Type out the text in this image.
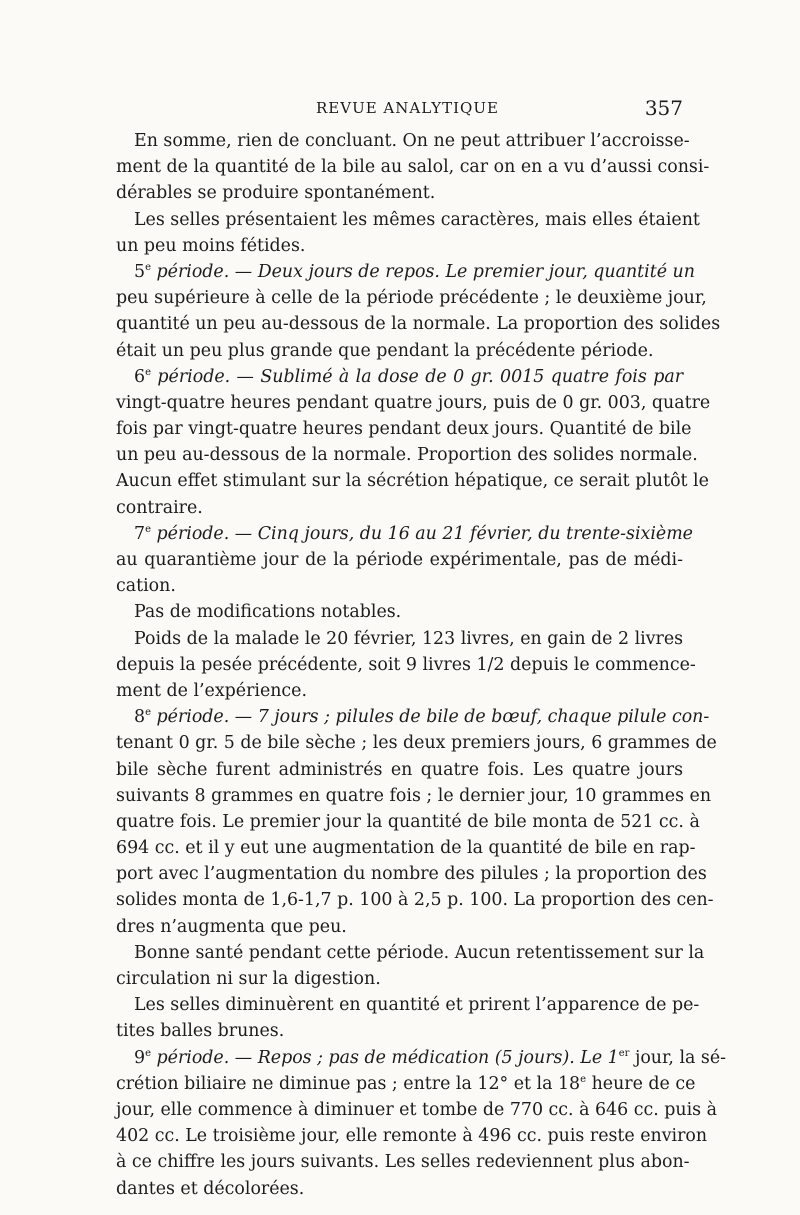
REVUE ANALYTIQUE	357
En somme, rien de concluant. On ne peut attribuer l’accroisse-
ment de la quantité de la bile au salol, car on en a vu d’aussi consi-
dérables se produire spontanément.
Les selles présentaient les mêmes caractères, mais elles étaient
un peu moins fétides.
5e période. — Deux jours de repos. Le premier jour, quantité un
peu supérieure à celle de la période précédente ; le deuxième jour,
quantité un peu au-dessous de la normale. La proportion des solides
était un peu plus grande que pendant la précédente période.
6e période. — Sublimé à la dose de 0 gr. 0015 quatre fois par
vingt-quatre heures pendant quatre jours, puis de 0 gr. 003, quatre
fois par vingt-quatre heures pendant deux jours. Quantité de bile
un peu au-dessous de la normale. Proportion des solides normale.
Aucun effet stimulant sur la sécrétion hépatique, ce serait plutôt le
contraire.
7e période. — Cinq jours, du 16 au 21 février, du trente-sixième
au quarantième jour de la période expérimentale, pas de médi-
cation.
Pas de modifications notables.
Poids de la malade le 20 février, 123 livres, en gain de 2 livres
depuis la pesée précédente, soit 9 livres 1/2 depuis le commence-
ment de l’expérience.
8e période. — 7 jours ; pilules de bile de bœuf, chaque pilule con-
tenant 0 gr. 5 de bile sèche ; les deux premiers jours, 6 grammes de
bile sèche furent administrés en quatre fois. Les quatre jours
suivants 8 grammes en quatre fois ; le dernier jour, 10 grammes en
quatre fois. Le premier jour la quantité de bile monta de 521 cc. à
694 cc. et il y eut une augmentation de la quantité de bile en rap-
port avec l’augmentation du nombre des pilules ; la proportion des
solides monta de 1,6-1,7 p. 100 à 2,5 p. 100. La proportion des cen-
dres n’augmenta que peu.
Bonne santé pendant cette période. Aucun retentissement sur la
circulation ni sur la digestion.
Les selles diminuèrent en quantité et prirent l’apparence de pe-
tites balles brunes.
9e période. — Repos ; pas de médication (5 jours). Le 1er jour, la sé-
crétion biliaire ne diminue pas ; entre la 12° et la 18e heure de ce
jour, elle commence à diminuer et tombe de 770 cc. à 646 cc. puis à
402 cc. Le troisième jour, elle remonte à 496 cc. puis reste environ
à ce chiffre les jours suivants. Les selles redeviennent plus abon-
dantes et décolorées.
